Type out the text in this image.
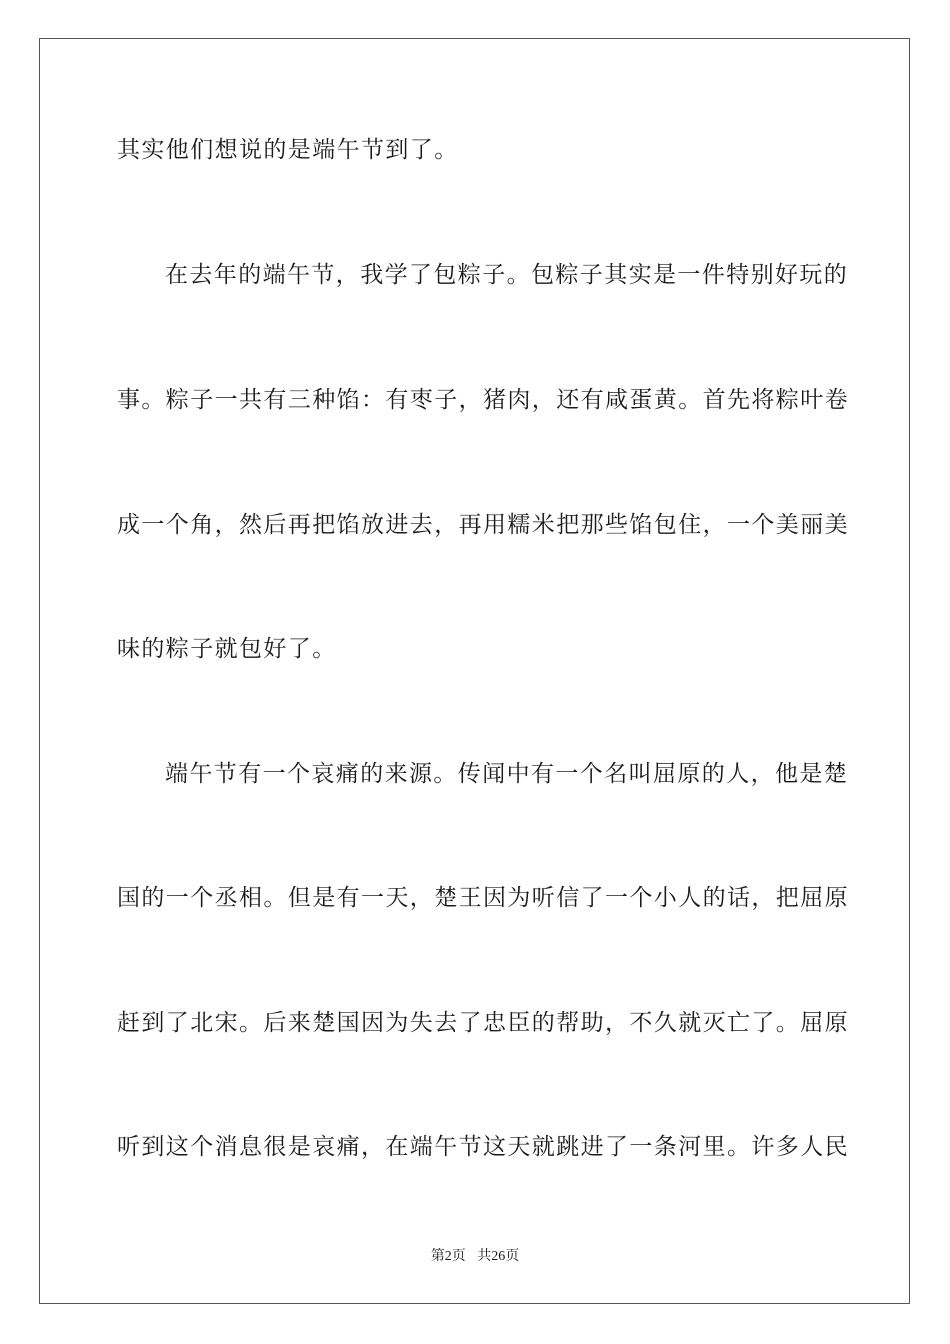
其实他们想说的是端午节到了。
在去年的端午节，我学了包粽子。包粽子其实是一件特别好玩的
事。粽子一共有三种馅：有枣子，猪肉，还有咸蛋黄。首先将粽叶卷
成一个角，然后再把馅放进去，再用糯米把那些馅包住，一个美丽美
味的粽子就包好了。
端午节有一个哀痛的来源。传闻中有一个名叫屈原的人，他是楚
国的一个丞相。但是有一天，楚王因为听信了一个小人的话，把屈原
赶到了北宋。后来楚国因为失去了忠臣的帮助，不久就灭亡了。屈原
听到这个消息很是哀痛，在端午节这天就跳进了一条河里。许多人民
第2页 共26页
